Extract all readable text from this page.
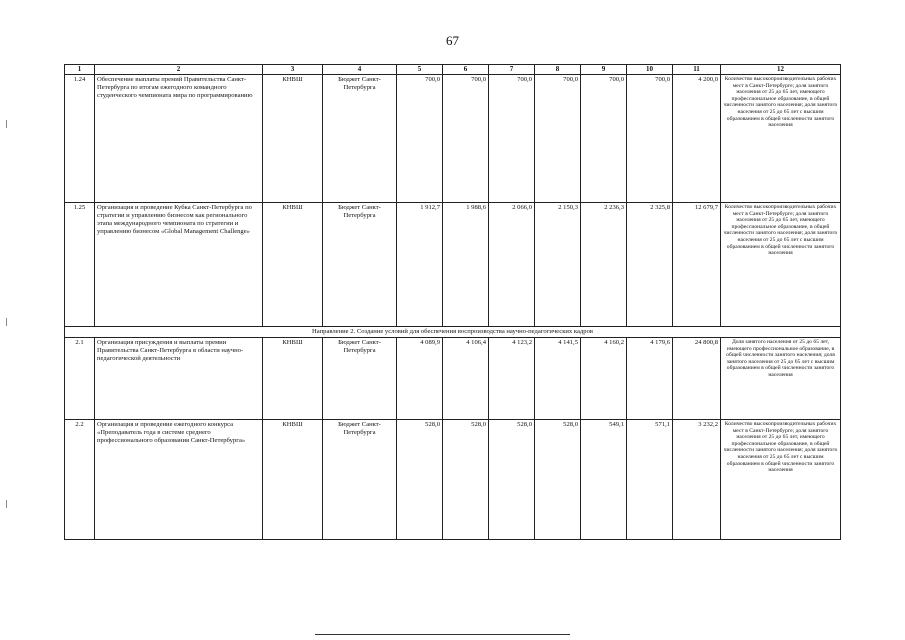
67
1	2	3	4	5	6	7	8	9	10	11	12
1.24	Обеспечение выплаты премий Правительства Санкт-Петербурга по итогам ежегодного командного студенческого чемпионата мира по программированию	КНВШ	Бюджет Санкт-Петербурга	700,0	700,0	700,0	700,0	700,0	700,0	4 200,0	Количество высокопроизводительных рабочих мест в Санкт-Петербурге; доля занятого населения от 25 до 65 лет, имеющего профессиональное образование, в общей численности занятого населения; доля занятого населения от 25 до 65 лет с высшим образованием в общей численности занятого населения
1.25	Организация и проведение Кубка Санкт-Петербурга по стратегии и управлению бизнесом как регионального этапа международного чемпионата по стратегии и управлению бизнесом «Global Management Challenge»	КНВШ	Бюджет Санкт-Петербурга	1 912,7	1 988,6	2 066,0	2 150,3	2 236,3	2 325,8	12 679,7	Количество высокопроизводительных рабочих мест в Санкт-Петербурге; доля занятого населения от 25 до 65 лет, имеющего профессиональное образование, в общей численности занятого населения; доля занятого населения от 25 до 65 лет с высшим образованием в общей численности занятого населения
Направление 2. Создание условий для обеспечения воспроизводства научно-педагогических кадров											
2.1	Организация присуждения и выплаты премии Правительства Санкт-Петербурга в области научно-педагогической деятельности	КНВШ	Бюджет Санкт-Петербурга	4 089,9	4 106,4	4 123,2	4 141,5	4 160,2	4 179,6	24 800,8	Доля занятого населения от 25 до 65 лет, имеющего профессиональное образование, в общей численности занятого населения; доля занятого населения от 25 до 65 лет с высшим образованием в общей численности занятого населения
2.2	Организация и проведение ежегодного конкурса «Преподаватель года в системе среднего профессионального образования Санкт-Петербурга»	КНВШ	Бюджет Санкт-Петербурга	528,0	528,0	528,0	528,0	549,1	571,1	3 232,2	Количество высокопроизводительных рабочих мест в Санкт-Петербурге; доля занятого населения от 25 до 65 лет, имеющего профессиональное образование, в общей численности занятого населения; доля занятого населения от 25 до 65 лет с высшим образованием в общей численности занятого населения
